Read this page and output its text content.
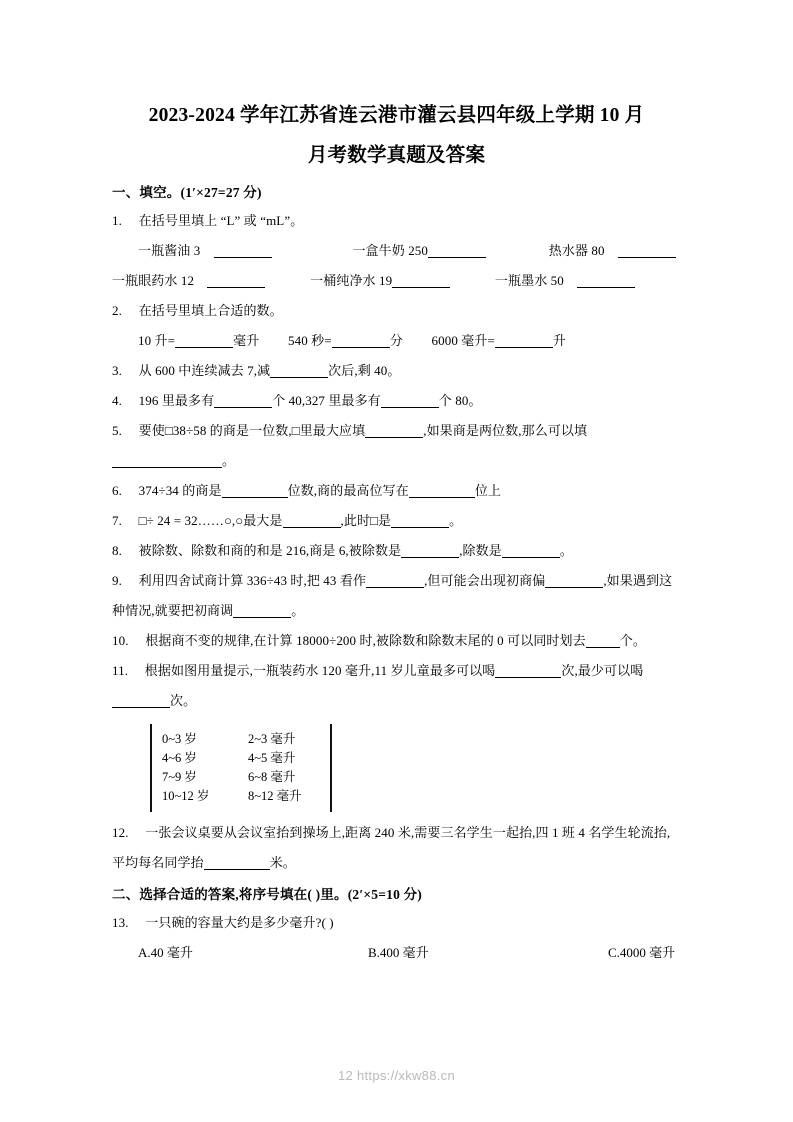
2023-2024 学年江苏省连云港市灌云县四年级上学期 10 月
月考数学真题及答案
一、填空。(1′×27=27 分)
1. 在括号里填上 “L” 或 “mL”。
一瓶酱油 3	一盒牛奶 250	热水器 80
一瓶眼药水 12	一桶纯净水 19	一瓶墨水 50
2. 在括号里填上合适的数。
10 升=	毫升 540 秒=	分 6000 毫升=	升
3. 从 600 中连续减去 7,减	次后,剩 40。
4. 196 里最多有	个 40,327 里最多有	个 80。
5. 要使□38÷58 的商是一位数,□里最大应填	,如果商是两位数,那么可以填。
6. 374÷34 的商是	位数,商的最高位写在	位上
7. □÷ 24 = 32……○,○最大是	,此时□是	。
8. 被除数、除数和商的和是 216,商是 6,被除数是	,除数是	。
9. 利用四舍试商计算 336÷43 时,把 43 看作	,但可能会出现初商偏	,如果遇到这种情况,就要把初商调	。
10. 根据商不变的规律,在计算 18000÷200 时,被除数和除数末尾的 0 可以同时划去	个。
11. 根据如图用量提示,一瓶装药水 120 毫升,11 岁儿童最多可以喝	次,最少可以喝次。
0~3 岁	2~3 毫升
4~6 岁	4~5 毫升
7~9 岁	6~8 毫升
10~12 岁	8~12 毫升
12. 一张会议桌要从会议室抬到操场上,距离 240 米,需要三名学生一起抬,四 1 班 4 名学生轮流抬,平均每名同学抬	米。
二、选择合适的答案,将序号填在( )里。(2′×5=10 分)
13. 一只碗的容量大约是多少毫升?( )
A.40 毫升	B.400 毫升	C.4000 毫升
12 https://xkw88.cn
